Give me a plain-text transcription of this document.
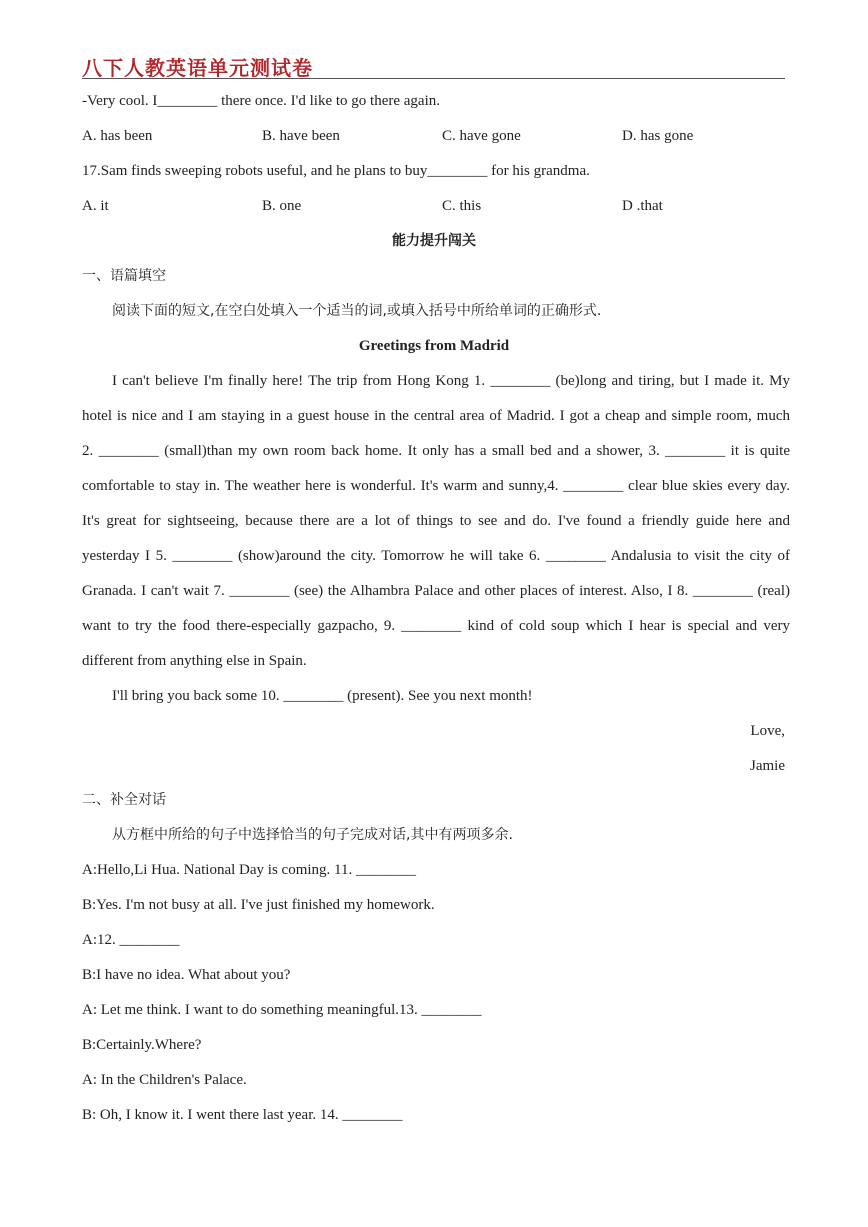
八下人教英语单元测试卷
-Very cool. I________ there once. I'd like to go there again.
A. has been	B. have been	C. have gone	D. has gone
17.Sam finds sweeping robots useful, and he plans to buy________ for his grandma.
A. it	B. one	C. this	D .that
能力提升闯关
一、语篇填空
阅读下面的短文,在空白处填入一个适当的词,或填入括号中所给单词的正确形式.
Greetings from Madrid
I can't believe I'm finally here! The trip from Hong Kong 1. ________ (be)long and tiring, but I made it. My
hotel is nice and I am staying in a guest house in the central area of Madrid. I got a cheap and simple room, much
2. ________ (small)than my own room back home. It only has a small bed and a shower, 3. ________ it is quite
comfortable to stay in. The weather here is wonderful. It's warm and sunny,4. ________ clear blue skies every day.
It's great for sightseeing, because there are a lot of things to see and do. I've found a friendly guide here and
yesterday I 5. ________ (show)around the city. Tomorrow he will take 6. ________ Andalusia to visit the city of
Granada. I can't wait 7. ________ (see) the Alhambra Palace and other places of interest. Also, I 8. ________ (real)
want to try the food there-especially gazpacho, 9. ________ kind of cold soup which I hear is special and very
different from anything else in Spain.
I'll bring you back some 10. ________ (present). See you next month!
Love,
Jamie
二、补全对话
从方框中所给的句子中选择恰当的句子完成对话,其中有两项多余.
A:Hello,Li Hua. National Day is coming. 11. ________
B:Yes. I'm not busy at all. I've just finished my homework.
A:12. ________
B:I have no idea. What about you?
A: Let me think. I want to do something meaningful.13. ________
B:Certainly.Where?
A: In the Children's Palace.
B: Oh, I know it. I went there last year. 14. ________
